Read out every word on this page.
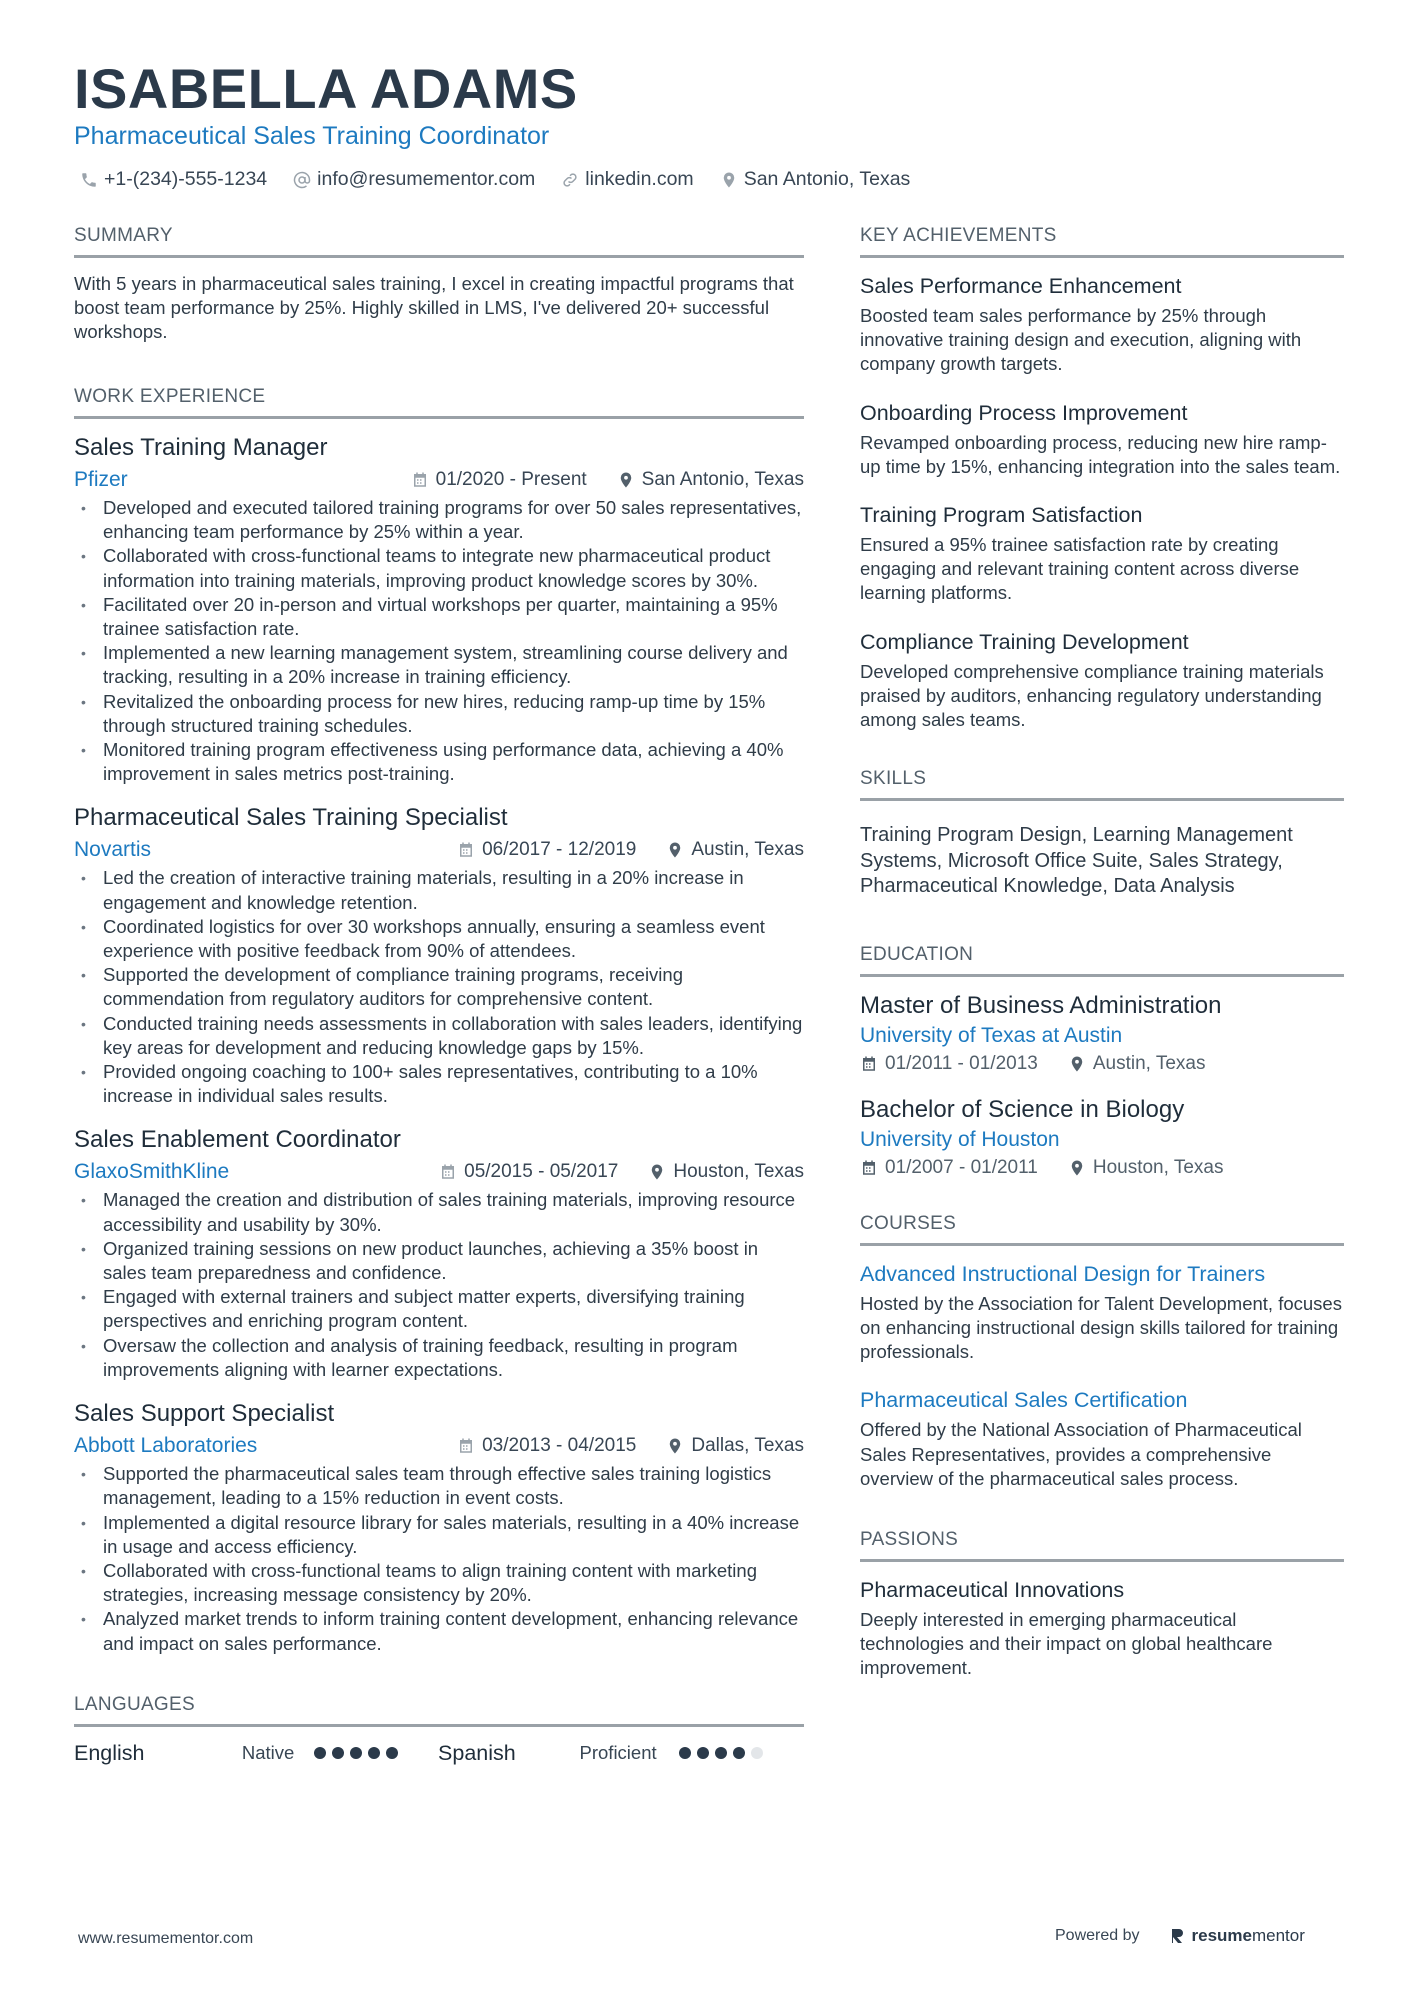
ISABELLA ADAMS
Pharmaceutical Sales Training Coordinator
+1-(234)-555-1234	info@resumementor.com	linkedin.com	San Antonio, Texas
SUMMARY

With 5 years in pharmaceutical sales training, I excel in creating impactful programs that boost team performance by 25%. Highly skilled in LMS, I've delivered 20+ successful workshops.

WORK EXPERIENCE
Sales Training Manager
Pfizer	01/2020 - Present	San Antonio, Texas
• Developed and executed tailored training programs for over 50 sales representatives, enhancing team performance by 25% within a year.
• Collaborated with cross-functional teams to integrate new pharmaceutical product information into training materials, improving product knowledge scores by 30%.
• Facilitated over 20 in-person and virtual workshops per quarter, maintaining a 95% trainee satisfaction rate.
• Implemented a new learning management system, streamlining course delivery and tracking, resulting in a 20% increase in training efficiency.
• Revitalized the onboarding process for new hires, reducing ramp-up time by 15% through structured training schedules.
• Monitored training program effectiveness using performance data, achieving a 40% improvement in sales metrics post-training.
Pharmaceutical Sales Training Specialist
Novartis	06/2017 - 12/2019	Austin, Texas
• Led the creation of interactive training materials, resulting in a 20% increase in engagement and knowledge retention.
• Coordinated logistics for over 30 workshops annually, ensuring a seamless event experience with positive feedback from 90% of attendees.
• Supported the development of compliance training programs, receiving commendation from regulatory auditors for comprehensive content.
• Conducted training needs assessments in collaboration with sales leaders, identifying key areas for development and reducing knowledge gaps by 15%.
• Provided ongoing coaching to 100+ sales representatives, contributing to a 10% increase in individual sales results.
Sales Enablement Coordinator
GlaxoSmithKline	05/2015 - 05/2017	Houston, Texas
• Managed the creation and distribution of sales training materials, improving resource accessibility and usability by 30%.
• Organized training sessions on new product launches, achieving a 35% boost in sales team preparedness and confidence.
• Engaged with external trainers and subject matter experts, diversifying training perspectives and enriching program content.
• Oversaw the collection and analysis of training feedback, resulting in program improvements aligning with learner expectations.
Sales Support Specialist
Abbott Laboratories	03/2013 - 04/2015	Dallas, Texas
• Supported the pharmaceutical sales team through effective sales training logistics management, leading to a 15% reduction in event costs.
• Implemented a digital resource library for sales materials, resulting in a 40% increase in usage and access efficiency.
• Collaborated with cross-functional teams to align training content with marketing strategies, increasing message consistency by 20%.
• Analyzed market trends to inform training content development, enhancing relevance and impact on sales performance.
LANGUAGES
English	Native	Spanish	Proficient
KEY ACHIEVEMENTS
Sales Performance Enhancement
Boosted team sales performance by 25% through innovative training design and execution, aligning with company growth targets.
Onboarding Process Improvement
Revamped onboarding process, reducing new hire ramp-up time by 15%, enhancing integration into the sales team.
Training Program Satisfaction
Ensured a 95% trainee satisfaction rate by creating engaging and relevant training content across diverse learning platforms.
Compliance Training Development
Developed comprehensive compliance training materials praised by auditors, enhancing regulatory understanding among sales teams.
SKILLS

Training Program Design, Learning Management Systems, Microsoft Office Suite, Sales Strategy, Pharmaceutical Knowledge, Data Analysis

EDUCATION
Master of Business Administration
University of Texas at Austin
01/2011 - 01/2013	Austin, Texas
Bachelor of Science in Biology
University of Houston
01/2007 - 01/2011	Houston, Texas
COURSES
Advanced Instructional Design for Trainers
Hosted by the Association for Talent Development, focuses on enhancing instructional design skills tailored for training professionals.
Pharmaceutical Sales Certification
Offered by the National Association of Pharmaceutical Sales Representatives, provides a comprehensive overview of the pharmaceutical sales process.
PASSIONS
Pharmaceutical Innovations
Deeply interested in emerging pharmaceutical technologies and their impact on global healthcare improvement.
www.resumementor.com	Powered by	resumementor
